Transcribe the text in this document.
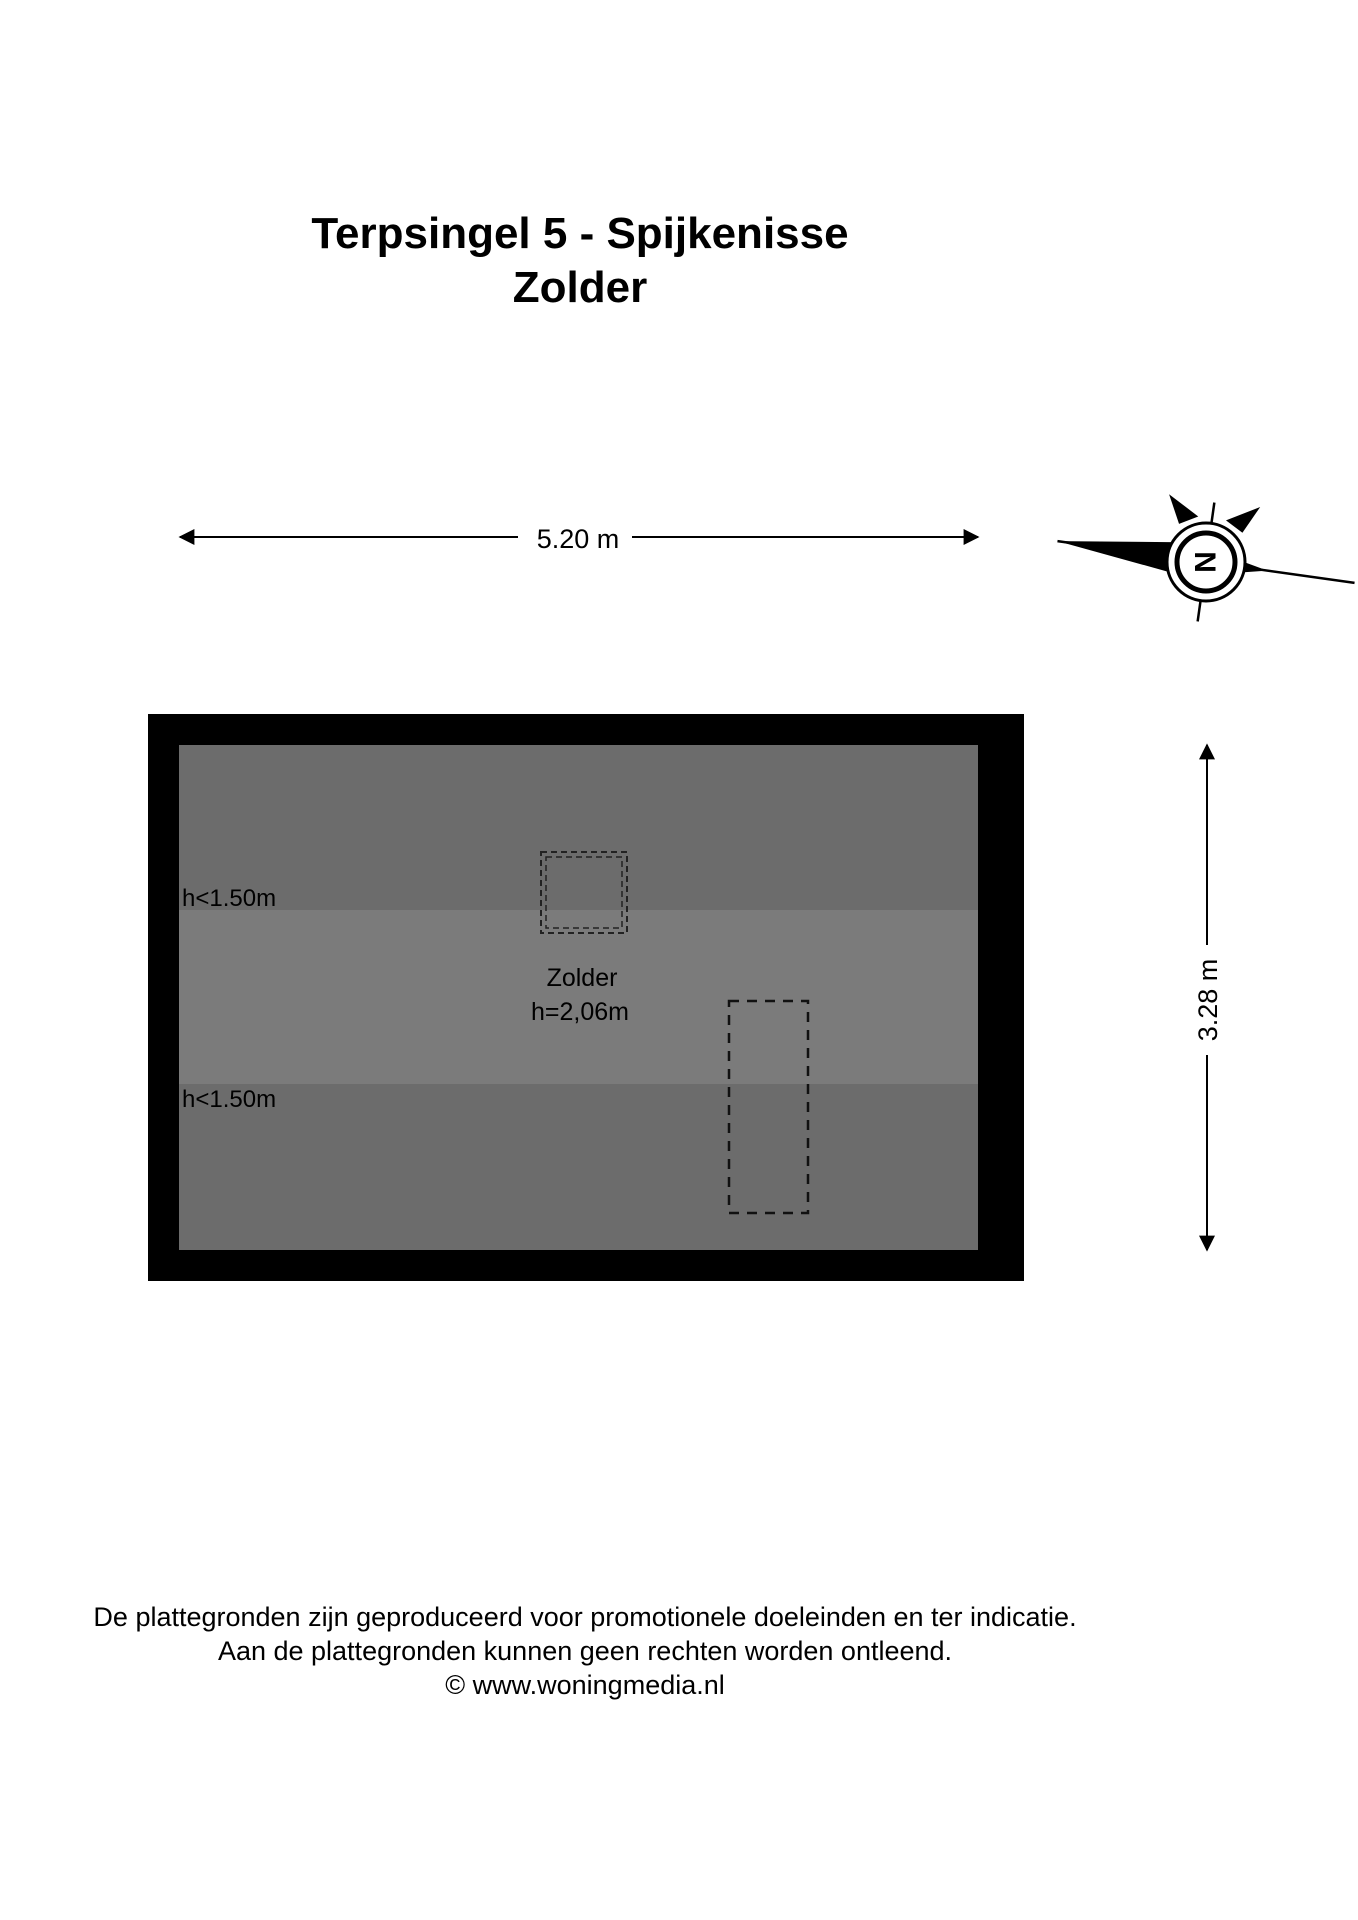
Terpsingel 5 - Spijkenisse
Zolder
5.20 m
N
h<1.50m
h<1.50m
Zolder
h=2,06m	3.28 m
De plattegronden zijn geproduceerd voor promotionele doeleinden en ter indicatie.
Aan de plattegronden kunnen geen rechten worden ontleend.
© www.woningmedia.nl
